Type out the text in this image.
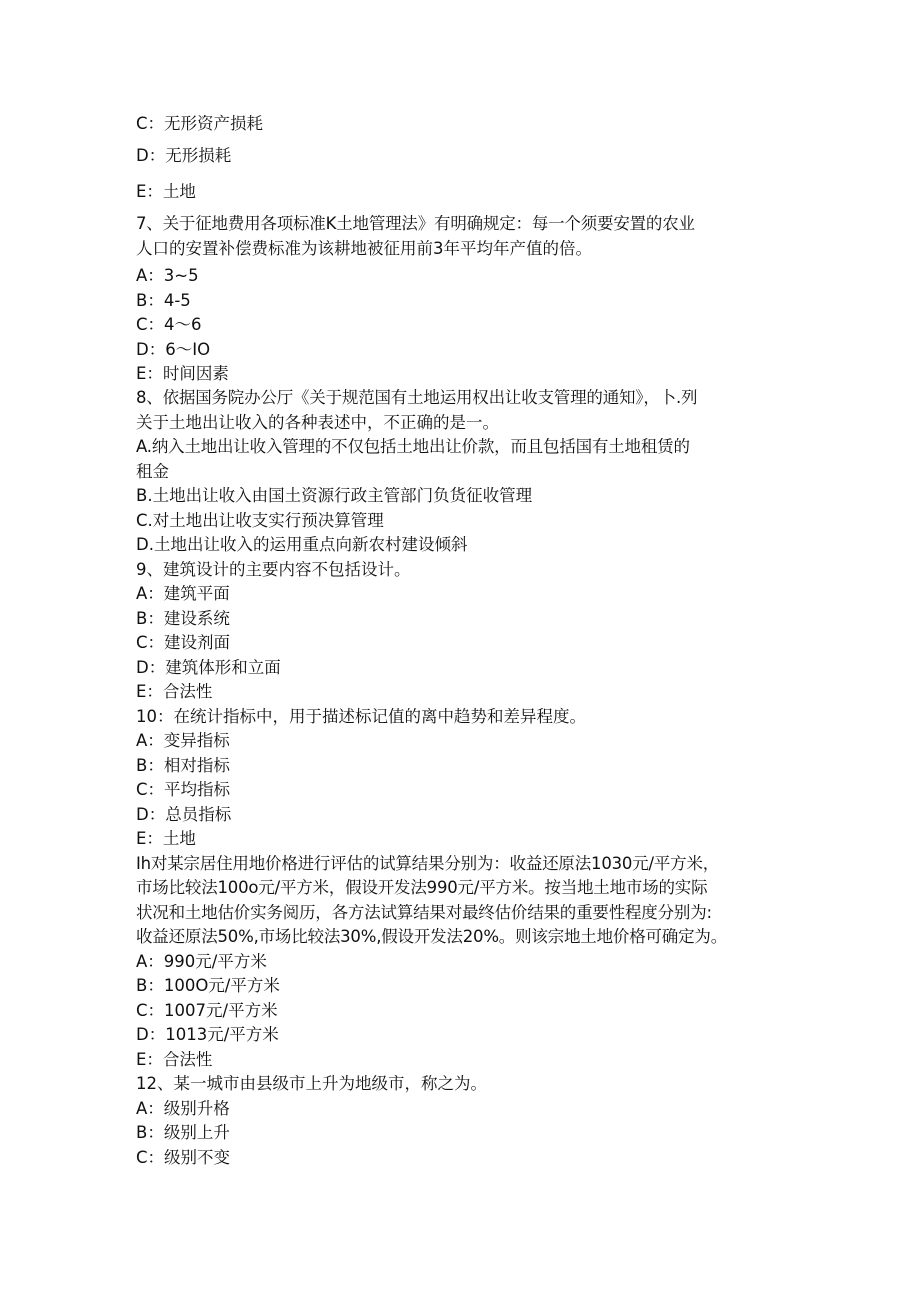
C：无形资产损耗

D：无形损耗

E：土地

7、关于征地费用各项标准K土地管理法》有明确规定：每一个须要安置的农业

人口的安置补偿费标准为该耕地被征用前3年平均年产值的倍。

A：3~5

B：4-5

C：4～6

D：6～IO

E：时间因素

8、依据国务院办公厅《关于规范国有土地运用权出让收支管理的通知》，卜.列

关于土地出让收入的各种表述中，不正确的是一。

A.纳入土地出让收入管理的不仅包括土地出让价款，而且包括国有土地租赁的

租金

B.土地出让收入由国土资源行政主管部门负货征收管理

C.对土地出让收支实行预决算管理

D.土地出让收入的运用重点向新农村建设倾斜

9、建筑设计的主要内容不包括设计。

A：建筑平面

B：建设系统

C：建设剂面

D：建筑体形和立面

E：合法性

10：在统计指标中，用于描述标记值的离中趋势和差异程度。

A：变异指标

B：相对指标

C：平均指标

D：总员指标

E：土地

Ih对某宗居住用地价格进行评估的试算结果分别为：收益还原法1030元/平方米，

市场比较法100o元/平方米，假设开发法990元/平方米。按当地土地市场的实际

状况和土地估价实务阅历，各方法试算结果对最终估价结果的重要性程度分别为:

收益还原法50%,市场比较法30%,假设开发法20%。则该宗地土地价格可确定为。

A：990元/平方米

B：100O元/平方米

C：1007元/平方米

D：1013元/平方米

E：合法性

12、某一城市由县级市上升为地级市，称之为。

A：级别升格

B：级别上升

C：级别不变
